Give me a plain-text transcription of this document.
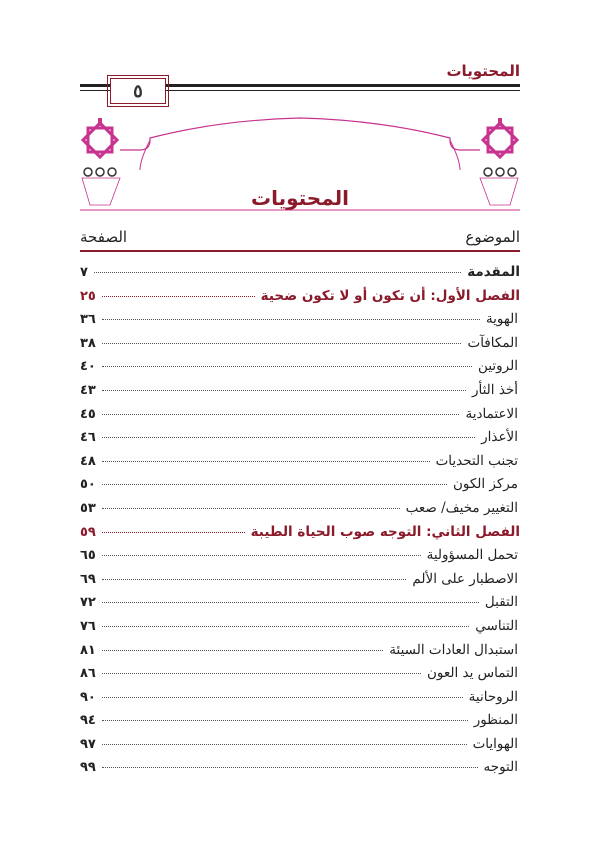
المحتويات
٥
المحتويات
الموضوع
الصفحة
المقدمة
٧
الفصل الأول: أن تكون أو لا تكون ضحية
٢٥
الهوية
٣٦
المكافآت
٣٨
الروتين
٤٠
أخذ الثأر
٤٣
الاعتمادية
٤٥
الأعذار
٤٦
تجنب التحديات
٤٨
مركز الكون
٥٠
التغيير مخيف/ صعب
٥٣
الفصل الثاني: التوجه صوب الحياة الطيبة
٥٩
تحمل المسؤولية
٦٥
الاصطبار على الألم
٦٩
التقبل
٧٢
التناسي
٧٦
استبدال العادات السيئة
٨١
التماس يد العون
٨٦
الروحانية
٩٠
المنظور
٩٤
الهوايات
٩٧
التوجه
٩٩
